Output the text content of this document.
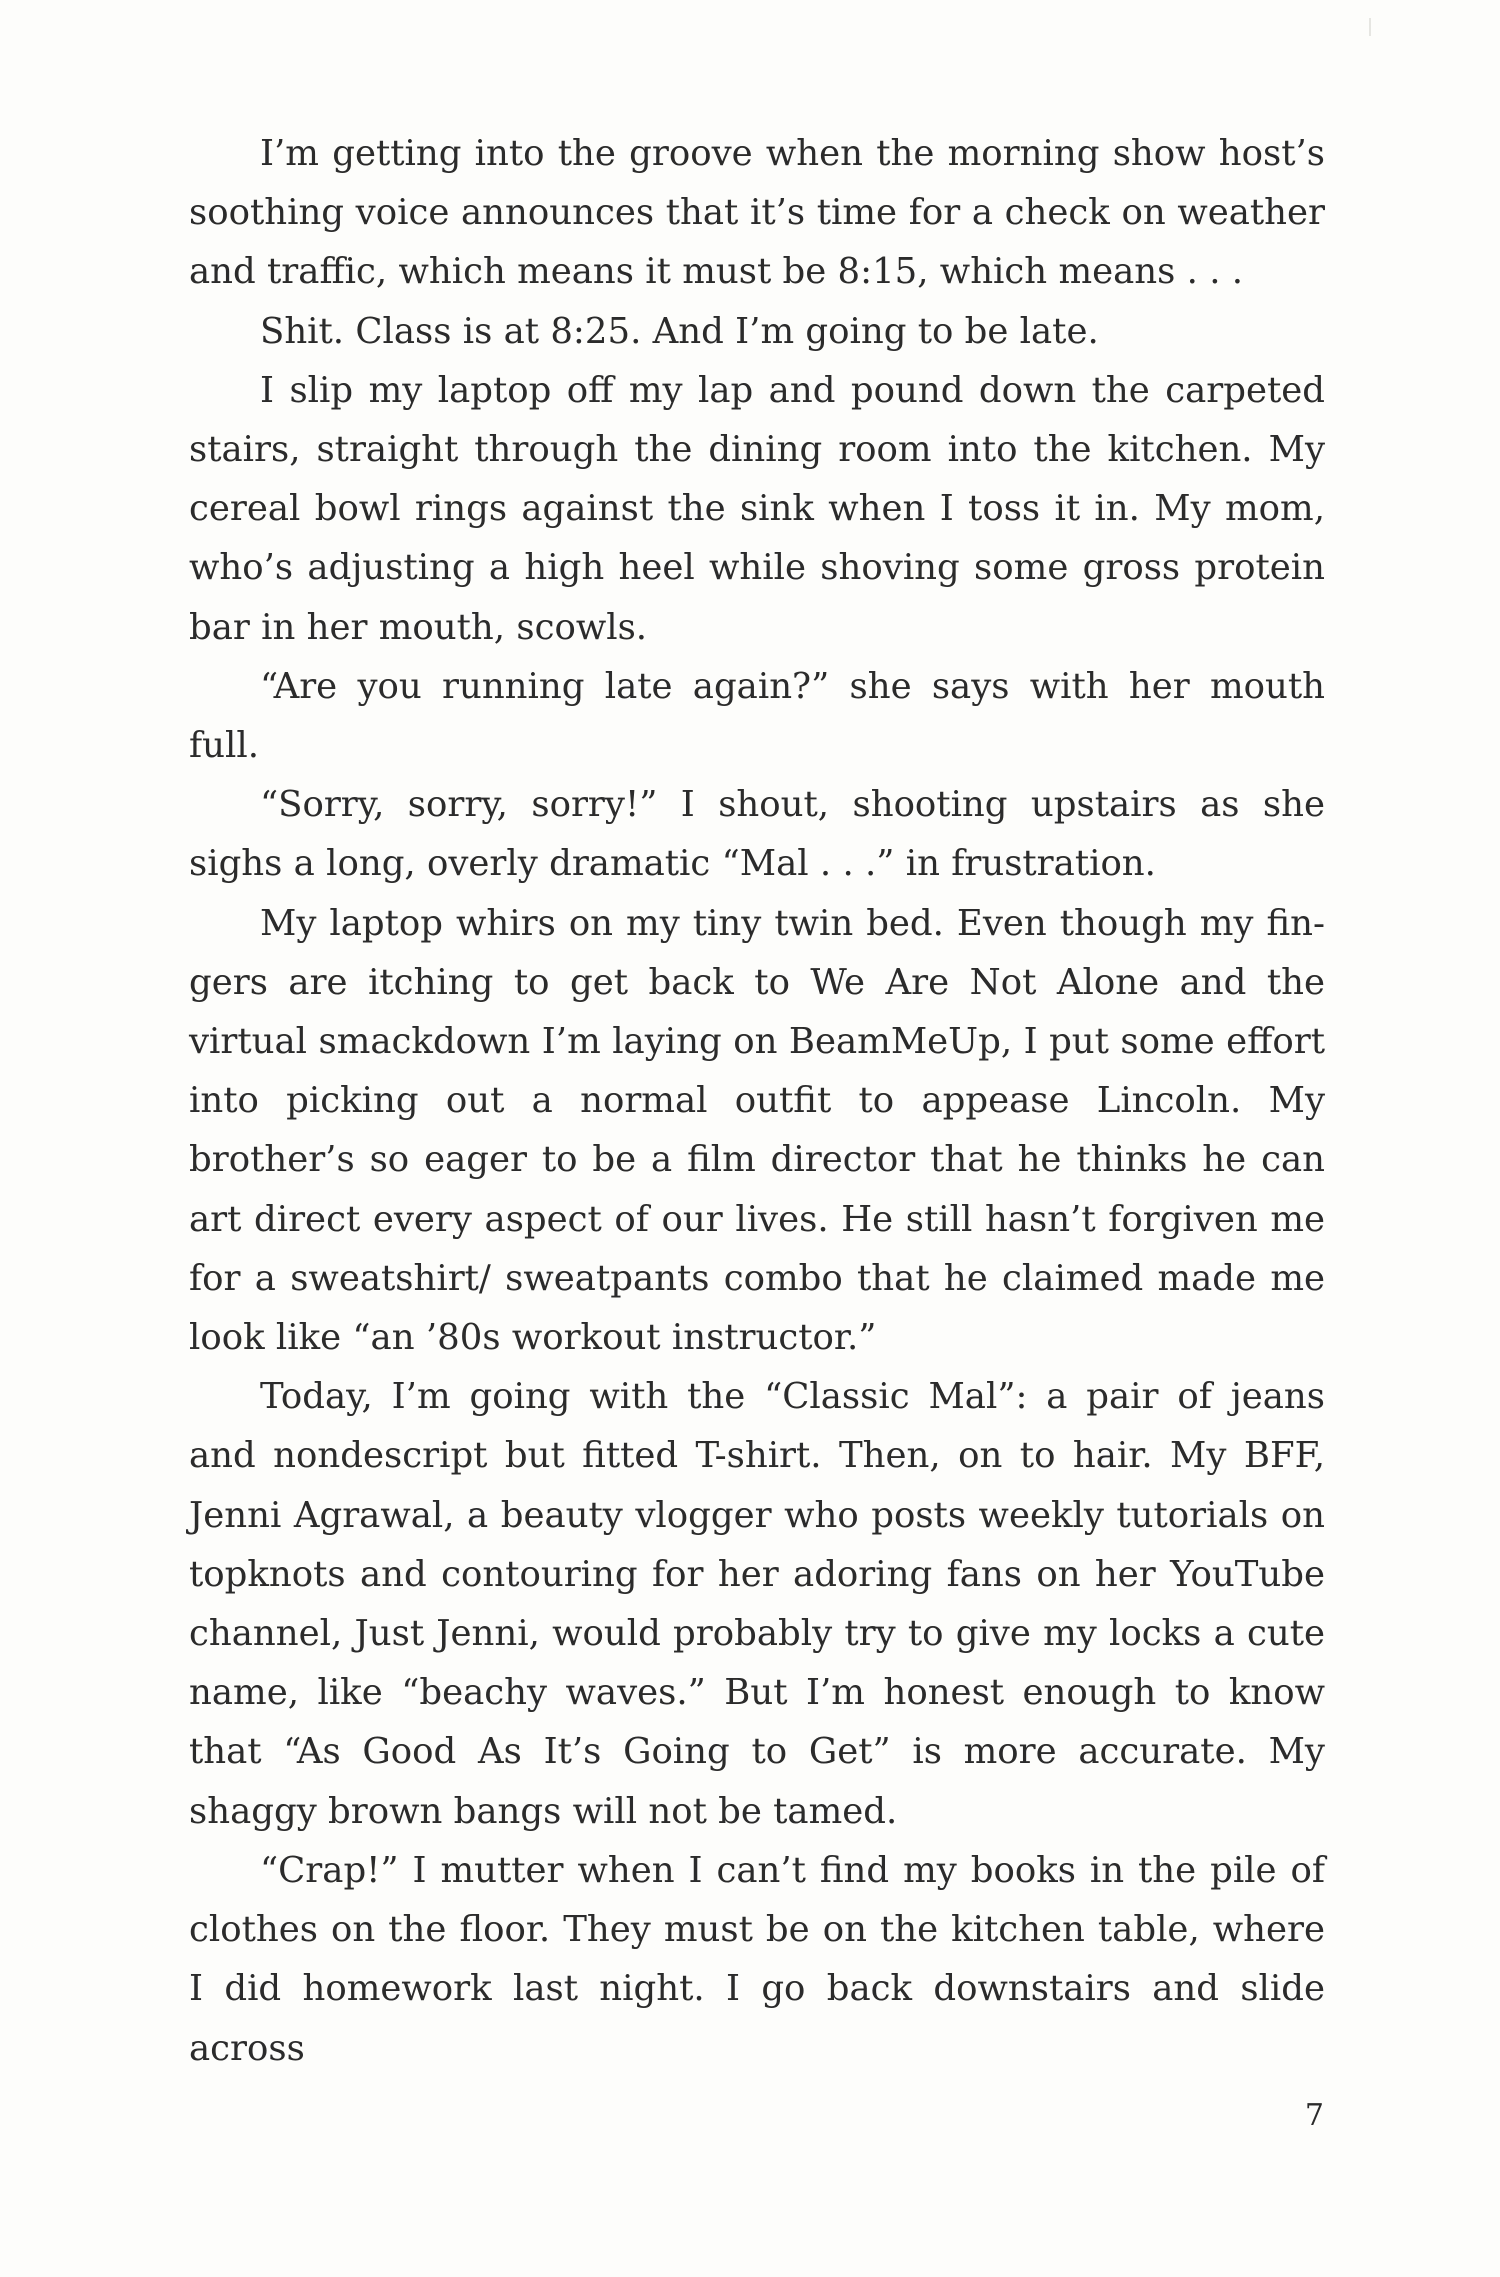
I’m getting into the groove when the morning show host’s soothing voice announces that it’s time for a check on weather and traffic, which means it must be 8:15, which means . . .

Shit. Class is at 8:25. And I’m going to be late.

I slip my laptop off my lap and pound down the carpeted stairs, straight through the dining room into the kitchen. My cereal bowl rings against the sink when I toss it in. My mom, who’s adjusting a high heel while shoving some gross protein bar in her mouth, scowls.

“Are you running late again?” she says with her mouth full.

“Sorry, sorry, sorry!” I shout, shooting upstairs as she sighs a long, overly dramatic “Mal . . .” in frustration.

My laptop whirs on my tiny twin bed. Even though my fingers are itching to get back to We Are Not Alone and the virtual smackdown I’m laying on BeamMeUp, I put some effort into picking out a normal outfit to appease Lincoln. My brother’s so eager to be a film director that he thinks he can art direct every aspect of our lives. He still hasn’t forgiven me for a sweatshirt/ sweatpants combo that he claimed made me look like “an ’80s workout instructor.”

Today, I’m going with the “Classic Mal”: a pair of jeans and nondescript but fitted T-shirt. Then, on to hair. My BFF, Jenni Agrawal, a beauty vlogger who posts weekly tutorials on topknots and contouring for her adoring fans on her YouTube channel, Just Jenni, would probably try to give my locks a cute name, like “beachy waves.” But I’m honest enough to know that “As Good As It’s Going to Get” is more accurate. My shaggy brown bangs will not be tamed.

“Crap!” I mutter when I can’t find my books in the pile of clothes on the floor. They must be on the kitchen table, where I did homework last night. I go back downstairs and slide across

7
